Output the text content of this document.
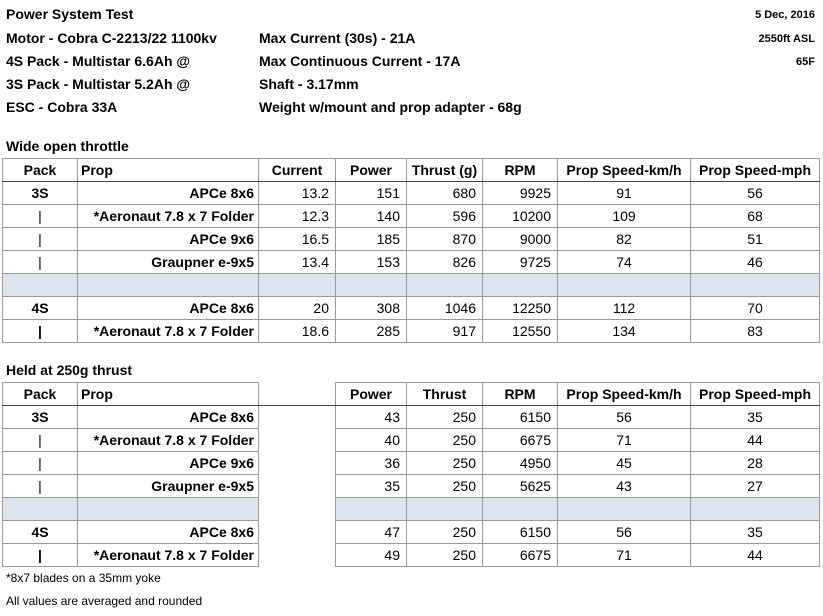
Power System Test	5 Dec, 2016
2550ft ASL
65F
Motor - Cobra C-2213/22 1100kv
4S Pack - Multistar 6.6Ah @
3S Pack - Multistar 5.2Ah @
ESC - Cobra 33A
Max Current (30s) - 21A
Max Continuous Current - 17A
Shaft - 3.17mm
Weight w/mount and prop adapter - 68g
Wide open throttle
Pack	Prop	Current	Power	Thrust (g)	RPM	Prop Speed-km/h	Prop Speed-mph
3S	APCe 8x6	13.2	151	680	9925	91	56
|	*Aeronaut 7.8 x 7 Folder	12.3	140	596	10200	109	68
|	APCe 9x6	16.5	185	870	9000	82	51
|	Graupner e-9x5	13.4	153	826	9725	74	46

4S	APCe 8x6	20	308	1046	12250	112	70
|	*Aeronaut 7.8 x 7 Folder	18.6	285	917	12550	134	83
Held at 250g thrust
Pack	Prop		Power	Thrust	RPM	Prop Speed-km/h	Prop Speed-mph
3S	APCe 8x6		43	250	6150	56	35
|	*Aeronaut 7.8 x 7 Folder		40	250	6675	71	44
|	APCe 9x6		36	250	4950	45	28
|	Graupner e-9x5		35	250	5625	43	27

4S	APCe 8x6		47	250	6150	56	35
|	*Aeronaut 7.8 x 7 Folder		49	250	6675	71	44
*8x7 blades on a 35mm yoke
All values are averaged and rounded
